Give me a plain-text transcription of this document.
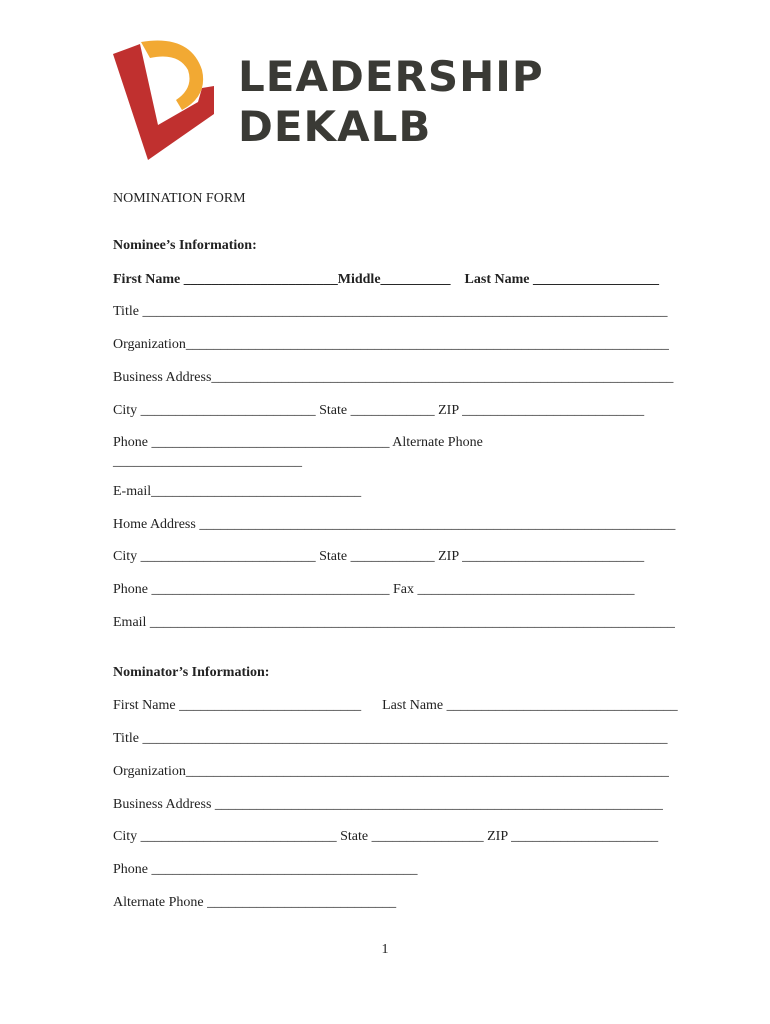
LEADERSHIP
DEKALB

NOMINATION FORM

Nominee’s Information:

First Name ______________________Middle__________    Last Name __________________

Title ___________________________________________________________________________

Organization_____________________________________________________________________

Business Address__________________________________________________________________

City _________________________ State ____________ ZIP __________________________

Phone __________________________________ Alternate Phone

___________________________

E-mail______________________________

Home Address ____________________________________________________________________

City _________________________ State ____________ ZIP __________________________

Phone __________________________________ Fax _______________________________

Email ___________________________________________________________________________

Nominator’s Information:

First Name __________________________      Last Name _________________________________

Title ___________________________________________________________________________

Organization_____________________________________________________________________

Business Address ________________________________________________________________

City ____________________________ State ________________ ZIP _____________________

Phone ______________________________________

Alternate Phone ___________________________

1
